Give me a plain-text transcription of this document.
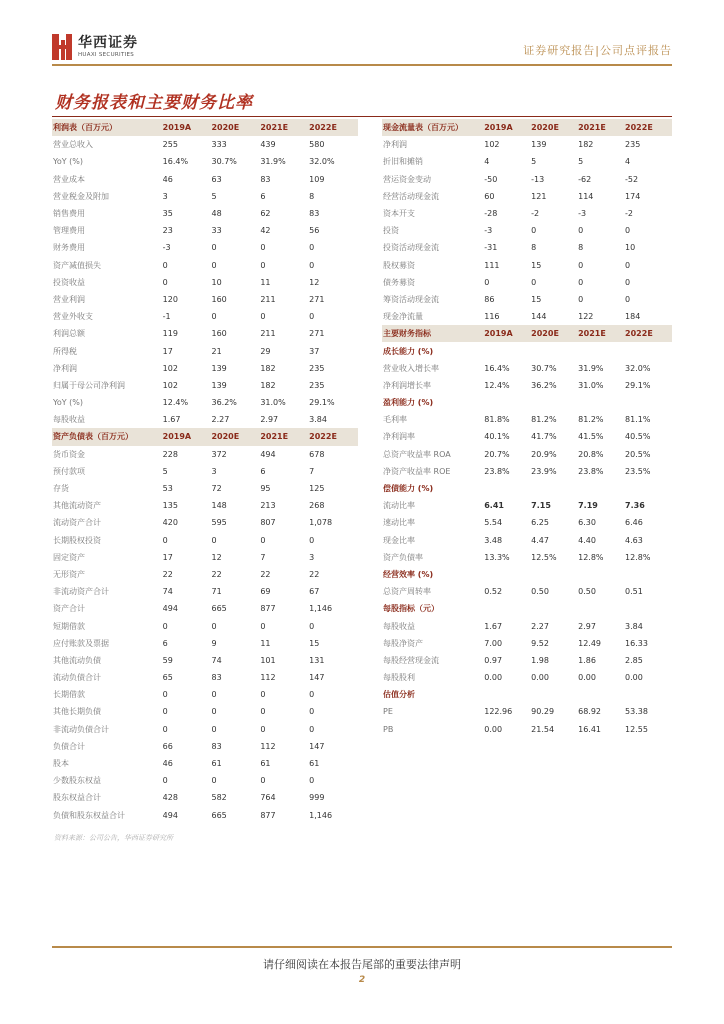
华西证券
HUAXI SECURITIES	证券研究报告|公司点评报告
财务报表和主要财务比率
利润表（百万元）	2019A	2020E	2021E	2022E
营业总收入	255	333	439	580
YoY (%)	16.4%	30.7%	31.9%	32.0%
营业成本	46	63	83	109
营业税金及附加	3	5	6	8
销售费用	35	48	62	83
管理费用	23	33	42	56
财务费用	-3	0	0	0
资产减值损失	0	0	0	0
投资收益	0	10	11	12
营业利润	120	160	211	271
营业外收支	-1	0	0	0
利润总额	119	160	211	271
所得税	17	21	29	37
净利润	102	139	182	235
归属于母公司净利润	102	139	182	235
YoY (%)	12.4%	36.2%	31.0%	29.1%
每股收益	1.67	2.27	2.97	3.84
资产负债表（百万元）	2019A	2020E	2021E	2022E
货币资金	228	372	494	678
预付款项	5	3	6	7
存货	53	72	95	125
其他流动资产	135	148	213	268
流动资产合计	420	595	807	1,078
长期股权投资	0	0	0	0
固定资产	17	12	7	3
无形资产	22	22	22	22
非流动资产合计	74	71	69	67
资产合计	494	665	877	1,146
短期借款	0	0	0	0
应付账款及票据	6	9	11	15
其他流动负债	59	74	101	131
流动负债合计	65	83	112	147
长期借款	0	0	0	0
其他长期负债	0	0	0	0
非流动负债合计	0	0	0	0
负债合计	66	83	112	147
股本	46	61	61	61
少数股东权益	0	0	0	0
股东权益合计	428	582	764	999
负债和股东权益合计	494	665	877	1,146
现金流量表（百万元）	2019A	2020E	2021E	2022E
净利润	102	139	182	235
折旧和摊销	4	5	5	4
营运资金变动	-50	-13	-62	-52
经营活动现金流	60	121	114	174
资本开支	-28	-2	-3	-2
投资	-3	0	0	0
投资活动现金流	-31	8	8	10
股权募资	111	15	0	0
债务募资	0	0	0	0
筹资活动现金流	86	15	0	0
现金净流量	116	144	122	184
主要财务指标	2019A	2020E	2021E	2022E
成长能力 (%)
营业收入增长率	16.4%	30.7%	31.9%	32.0%
净利润增长率	12.4%	36.2%	31.0%	29.1%
盈利能力 (%)
毛利率	81.8%	81.2%	81.2%	81.1%
净利润率	40.1%	41.7%	41.5%	40.5%
总资产收益率 ROA	20.7%	20.9%	20.8%	20.5%
净资产收益率 ROE	23.8%	23.9%	23.8%	23.5%
偿债能力 (%)
流动比率	6.41	7.15	7.19	7.36
速动比率	5.54	6.25	6.30	6.46
现金比率	3.48	4.47	4.40	4.63
资产负债率	13.3%	12.5%	12.8%	12.8%
经营效率 (%)
总资产周转率	0.52	0.50	0.50	0.51
每股指标（元）
每股收益	1.67	2.27	2.97	3.84
每股净资产	7.00	9.52	12.49	16.33
每股经营现金流	0.97	1.98	1.86	2.85
每股股利	0.00	0.00	0.00	0.00
估值分析
PE	122.96	90.29	68.92	53.38
PB	0.00	21.54	16.41	12.55
资料来源：公司公告，华西证券研究所
请仔细阅读在本报告尾部的重要法律声明
2
